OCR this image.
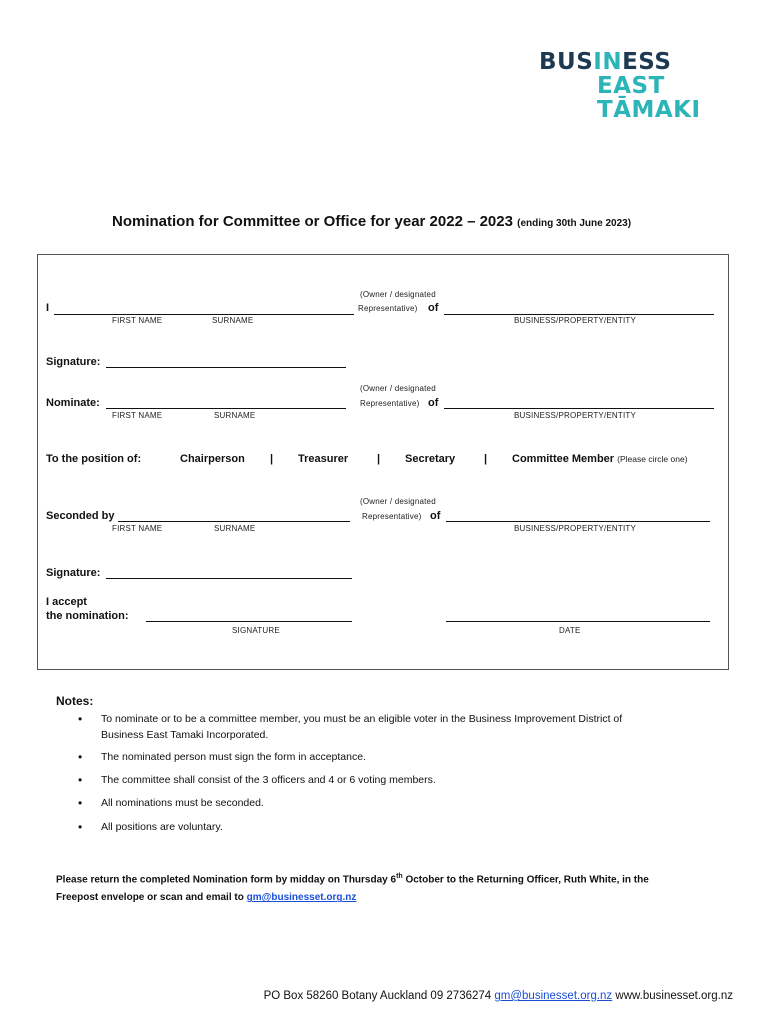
BUSINESS
EAST
TĀMAKI
Nomination for Committee or Office for year 2022 – 2023 (ending 30th June 2023)
(Owner / designated
I	Representative) of
FIRST NAME	SURNAME	BUSINESS/PROPERTY/ENTITY
Signature:
(Owner / designated
Nominate:	Representative) of
FIRST NAME	SURNAME	BUSINESS/PROPERTY/ENTITY
To the position of:	Chairperson | Treasurer	| Secretary	| Committee Member (Please circle one)
(Owner / designated
Seconded by	Representative) of
FIRST NAME	SURNAME	BUSINESS/PROPERTY/ENTITY
Signature:
I accept
the nomination:
SIGNATURE	DATE
Notes:
• To nominate or to be a committee member, you must be an eligible voter in the Business Improvement District of
Business East Tamaki Incorporated.
• The nominated person must sign the form in acceptance.
• The committee shall consist of the 3 officers and 4 or 6 voting members.
• All nominations must be seconded.
• All positions are voluntary.
Please return the completed Nomination form by midday on Thursday 6th October to the Returning Officer, Ruth White, in the
Freepost envelope or scan and email to gm@businesset.org.nz
PO Box 58260 Botany Auckland 09 2736274 gm@businesset.org.nz www.businesset.org.nz
